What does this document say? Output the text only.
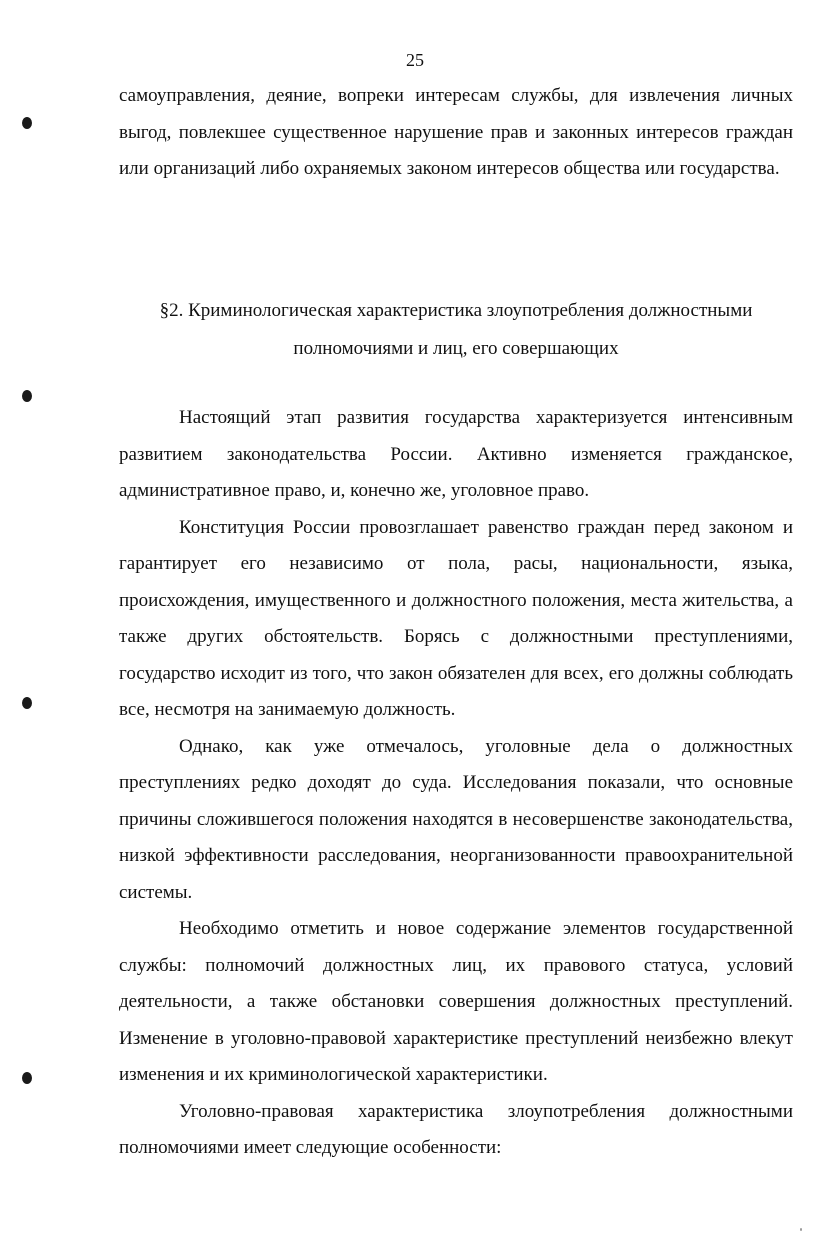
25

самоуправления, деяние, вопреки интересам службы, для извлечения личных выгод, повлекшее существенное нарушение прав и законных интересов граждан или организаций либо охраняемых законом интересов общества или государства.

§2. Криминологическая характеристика злоупотребления должностными
полномочиями и лиц, его совершающих

Настоящий этап развития государства характеризуется интенсивным развитием законодательства России. Активно изменяется гражданское, административное право, и, конечно же, уголовное право.

Конституция России провозглашает равенство граждан перед законом и гарантирует его независимо от пола, расы, национальности, языка, происхождения, имущественного и должностного положения, места жительства, а также других обстоятельств. Борясь с должностными преступлениями, государство исходит из того, что закон обязателен для всех, его должны соблюдать все, несмотря на занимаемую должность.

Однако, как уже отмечалось, уголовные дела о должностных преступлениях редко доходят до суда. Исследования показали, что основные причины сложившегося положения находятся в несовершенстве законодательства, низкой эффективности расследования, неорганизованности правоохранительной системы.

Необходимо отметить и новое содержание элементов государственной службы: полномочий должностных лиц, их правового статуса, условий деятельности, а также обстановки совершения должностных преступлений. Изменение в уголовно-правовой характеристике преступлений неизбежно влекут изменения и их криминологической характеристики.

Уголовно-правовая характеристика злоупотребления должностными полномочиями имеет следующие особенности:
